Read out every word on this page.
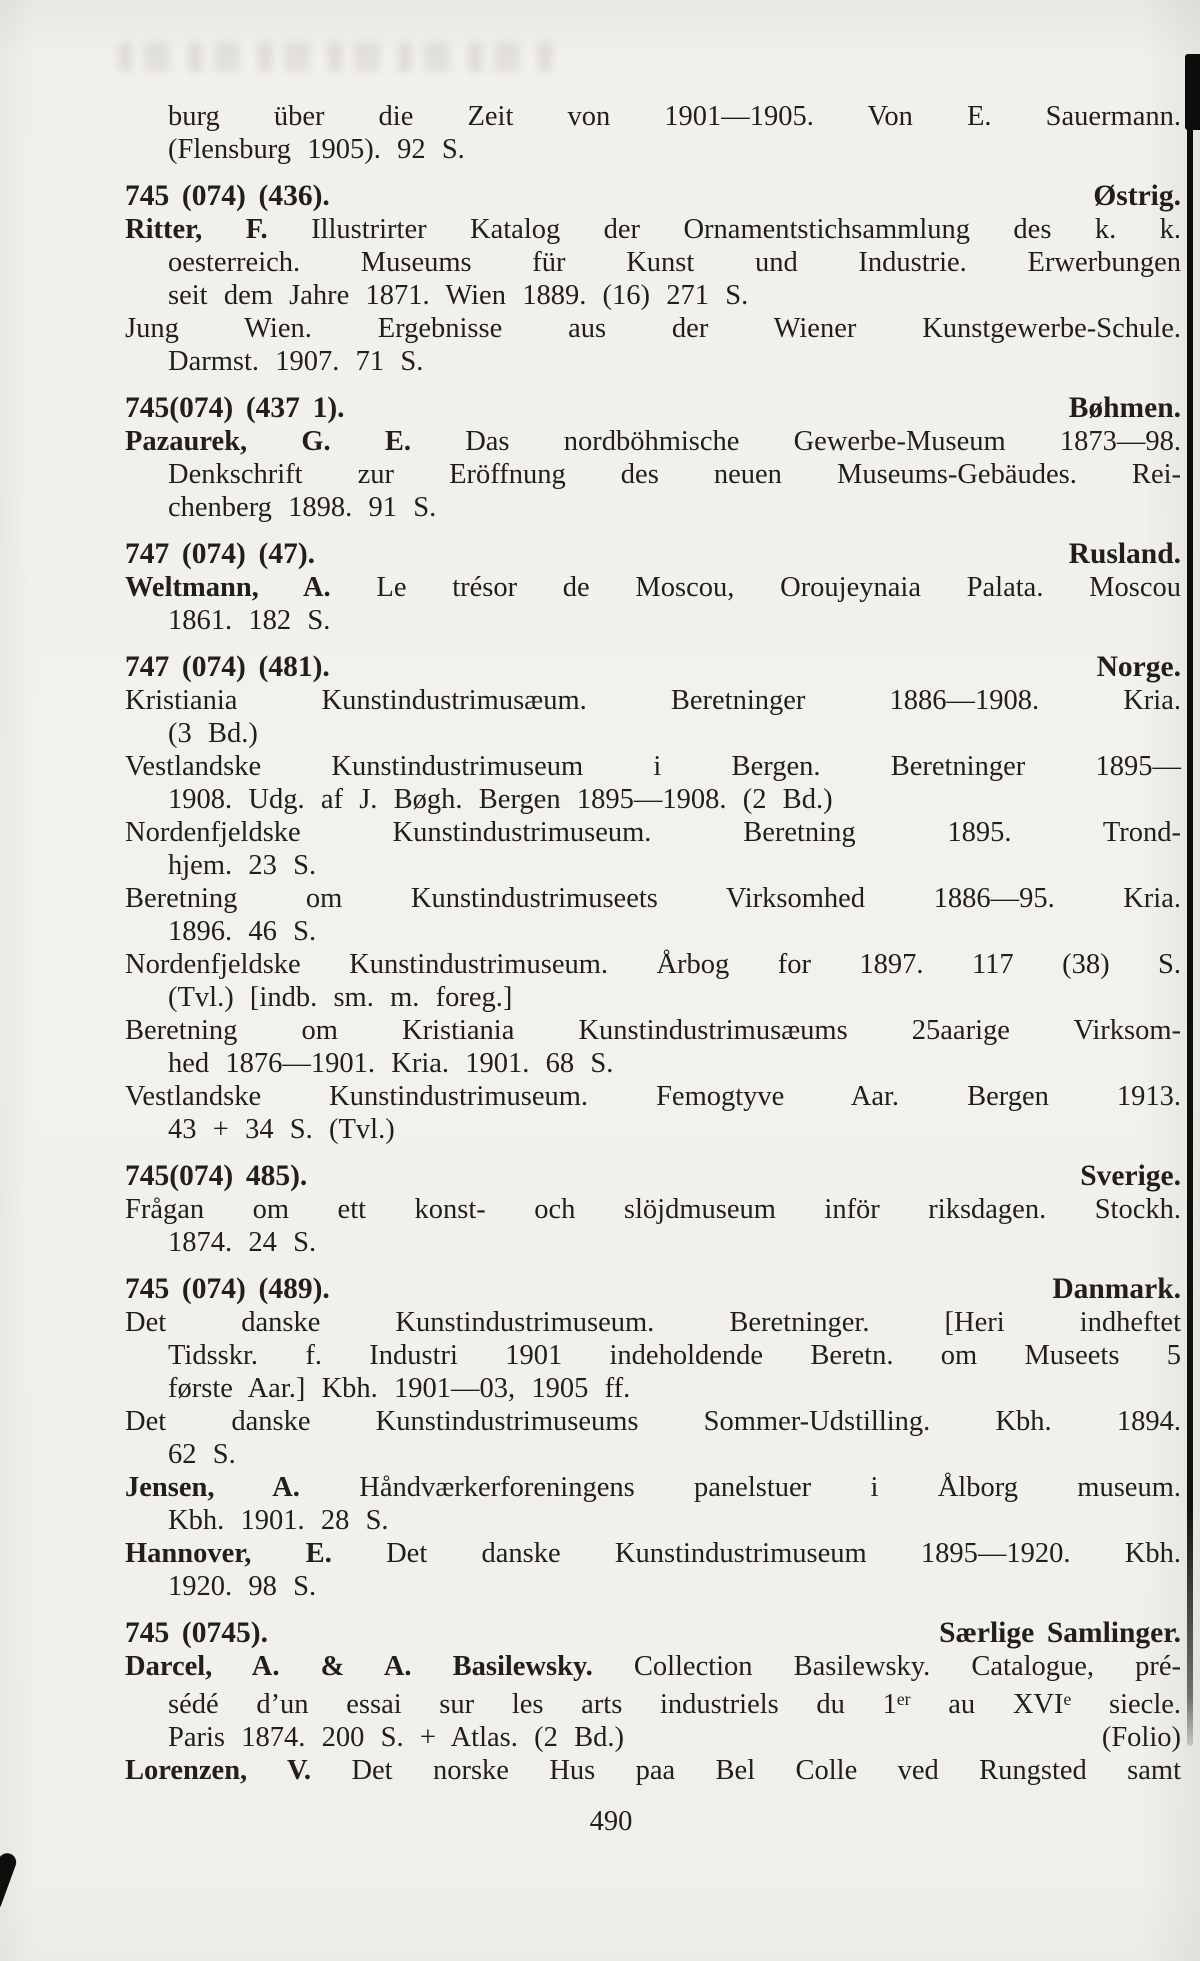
burg über die Zeit von 1901—1905. Von E. Sauermann.
(Flensburg 1905). 92 S.
745 (074) (436).	Østrig.
Ritter, F. Illustrirter Katalog der Ornamentstichsammlung des k. k.
oesterreich. Museums für Kunst und Industrie. Erwerbungen
seit dem Jahre 1871. Wien 1889. (16) 271 S.
Jung Wien. Ergebnisse aus der Wiener Kunstgewerbe-Schule.
Darmst. 1907. 71 S.
745(074) (437 1).	Bøhmen.
Pazaurek, G. E. Das nordböhmische Gewerbe-Museum 1873—98.
Denkschrift zur Eröffnung des neuen Museums-Gebäudes. Rei-
chenberg 1898. 91 S.
747 (074) (47).	Rusland.
Weltmann, A. Le trésor de Moscou, Oroujeynaia Palata. Moscou
1861. 182 S.
747 (074) (481).	Norge.
Kristiania Kunstindustrimusæum. Beretninger 1886—1908. Kria.
(3 Bd.)
Vestlandske Kunstindustrimuseum i Bergen. Beretninger 1895—
1908. Udg. af J. Bøgh. Bergen 1895—1908. (2 Bd.)
Nordenfjeldske Kunstindustrimuseum. Beretning 1895. Trond-
hjem. 23 S.
Beretning om Kunstindustrimuseets Virksomhed 1886—95. Kria.
1896. 46 S.
Nordenfjeldske Kunstindustrimuseum. Årbog for 1897. 117 (38) S.
(Tvl.) [indb. sm. m. foreg.]
Beretning om Kristiania Kunstindustrimusæums 25aarige Virksom-
hed 1876—1901. Kria. 1901. 68 S.
Vestlandske Kunstindustrimuseum. Femogtyve Aar. Bergen 1913.
43 + 34 S. (Tvl.)
745(074) 485).	Sverige.
Frågan om ett konst- och slöjdmuseum inför riksdagen. Stockh.
1874. 24 S.
745 (074) (489).	Danmark.
Det danske Kunstindustrimuseum. Beretninger. [Heri indheftet
Tidsskr. f. Industri 1901 indeholdende Beretn. om Museets 5
første Aar.] Kbh. 1901—03, 1905 ff.
Det danske Kunstindustrimuseums Sommer-Udstilling. Kbh. 1894.
62 S.
Jensen, A. Håndværkerforeningens panelstuer i Ålborg museum.
Kbh. 1901. 28 S.
Hannover, E. Det danske Kunstindustrimuseum 1895—1920. Kbh.
1920. 98 S.
745 (0745).	Særlige Samlinger.
Darcel, A. & A. Basilewsky. Collection Basilewsky. Catalogue, pré-
sédé d’un essai sur les arts industriels du 1er au XVIe siecle.
Paris 1874. 200 S. + Atlas. (2 Bd.)	(Folio)
Lorenzen, V. Det norske Hus paa Bel Colle ved Rungsted samt
490
